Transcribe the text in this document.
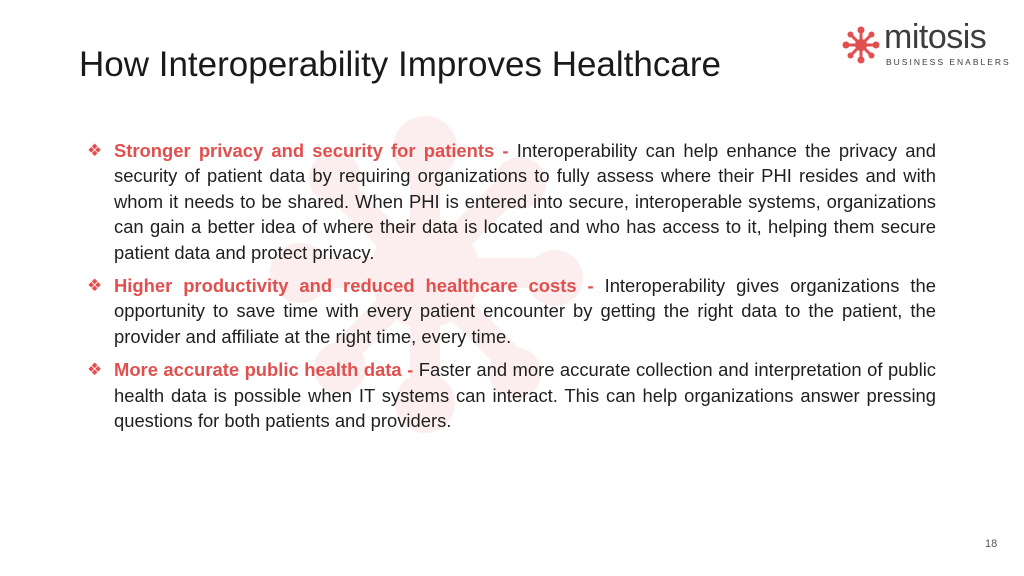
How Interoperability Improves Healthcare
mitosis
BUSINESS ENABLERS
❖ Stronger privacy and security for patients - Interoperability can help enhance the privacy and security of patient data by requiring organizations to fully assess where their PHI resides and with whom it needs to be shared. When PHI is entered into secure, interoperable systems, organizations can gain a better idea of where their data is located and who has access to it, helping them secure patient data and protect privacy.
❖ Higher productivity and reduced healthcare costs - Interoperability gives organizations the opportunity to save time with every patient encounter by getting the right data to the patient, the provider and affiliate at the right time, every time.
❖ More accurate public health data - Faster and more accurate collection and interpretation of public health data is possible when IT systems can interact. This can help organizations answer pressing questions for both patients and providers.
18
